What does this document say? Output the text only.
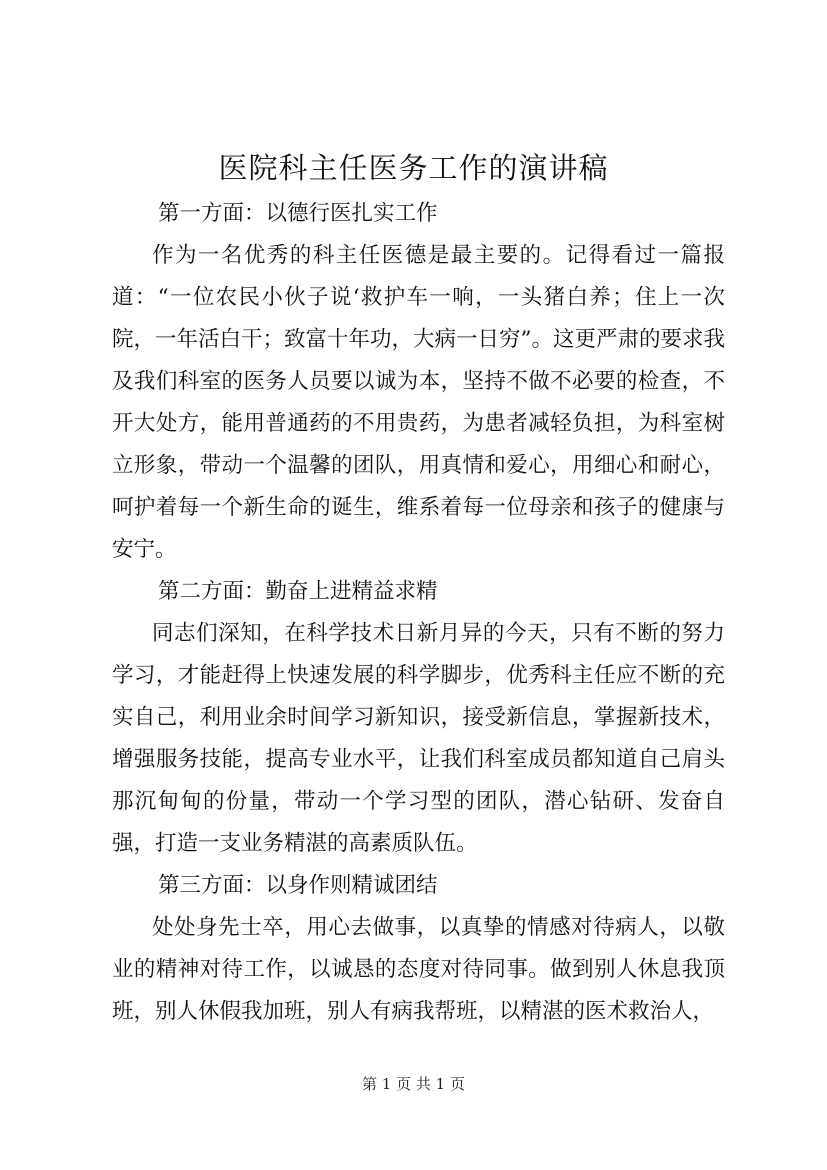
医院科主任医务工作的演讲稿

第一方面：以德行医扎实工作

作为一名优秀的科主任医德是最主要的。记得看过一篇报道：“一位农民小伙子说‘救护车一响，一头猪白养；住上一次院，一年活白干；致富十年功，大病一日穷”。这更严肃的要求我及我们科室的医务人员要以诚为本，坚持不做不必要的检查，不开大处方，能用普通药的不用贵药，为患者减轻负担，为科室树立形象，带动一个温馨的团队，用真情和爱心，用细心和耐心，呵护着每一个新生命的诞生，维系着每一位母亲和孩子的健康与安宁。

第二方面：勤奋上进精益求精

同志们深知，在科学技术日新月异的今天，只有不断的努力学习，才能赶得上快速发展的科学脚步，优秀科主任应不断的充实自己，利用业余时间学习新知识，接受新信息，掌握新技术，增强服务技能，提高专业水平，让我们科室成员都知道自己肩头那沉甸甸的份量，带动一个学习型的团队，潜心钻研、发奋自强，打造一支业务精湛的高素质队伍。

第三方面：以身作则精诚团结

处处身先士卒，用心去做事，以真挚的情感对待病人，以敬业的精神对待工作，以诚恳的态度对待同事。做到别人休息我顶班，别人休假我加班，别人有病我帮班，以精湛的医术救治人，

第 1 页 共 1 页
